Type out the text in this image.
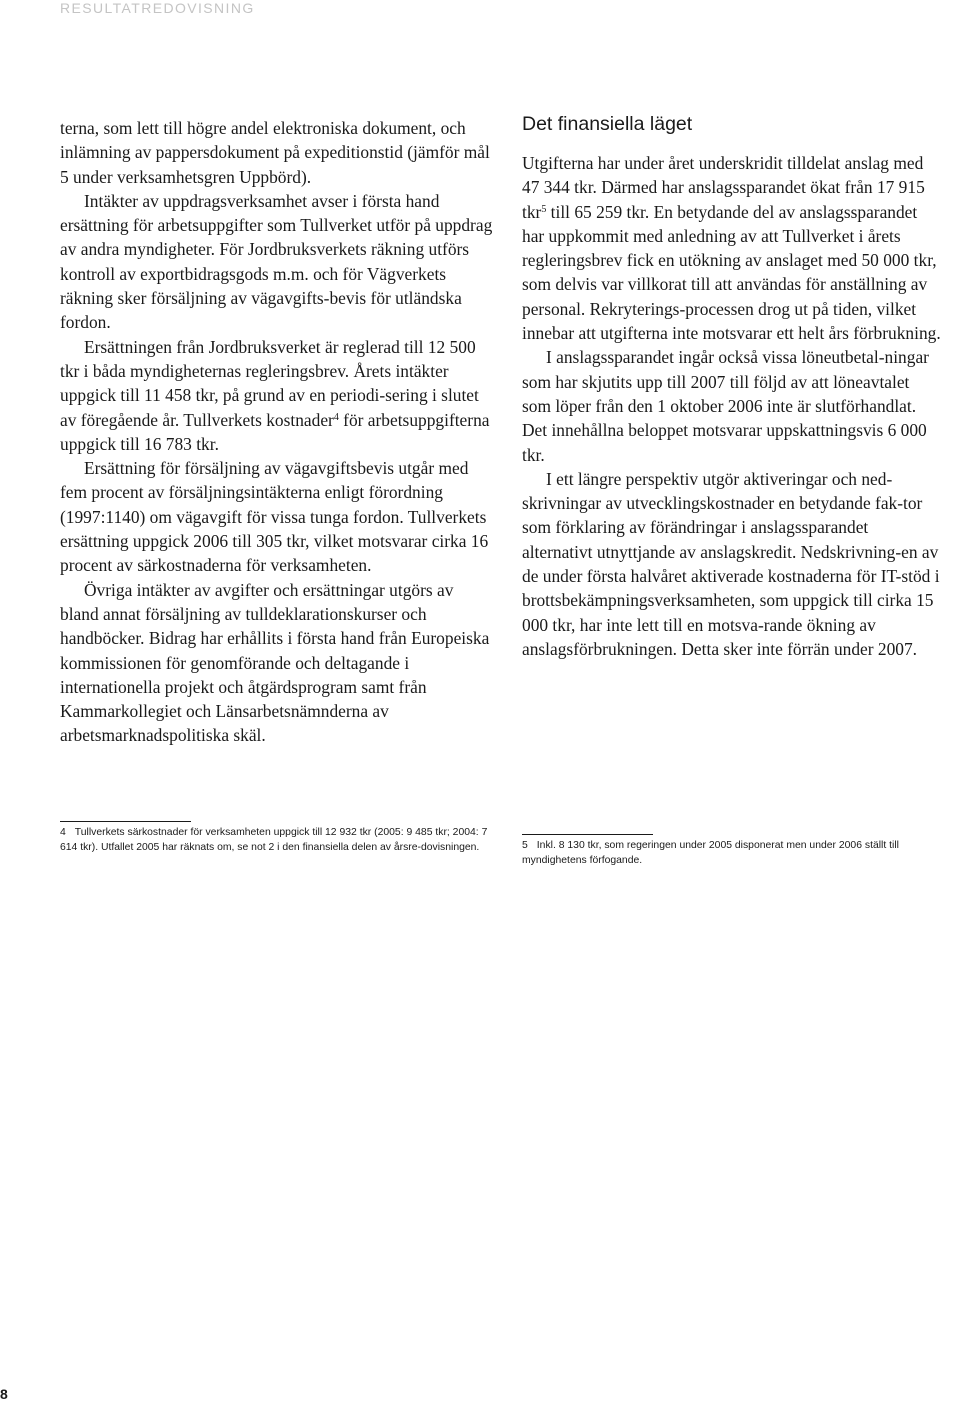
RESULTATREDOVISNING

terna, som lett till högre andel elektroniska dokument, och inlämning av pappersdokument på expeditionstid (jämför mål 5 under verksamhetsgren Uppbörd).

Intäkter av uppdragsverksamhet avser i första hand ersättning för arbetsuppgifter som Tullverket utför på uppdrag av andra myndigheter. För Jordbruksverkets räkning utförs kontroll av exportbidragsgods m.m. och för Vägverkets räkning sker försäljning av vägavgifts-bevis för utländska fordon.

Ersättningen från Jordbruksverket är reglerad till 12 500 tkr i båda myndigheternas regleringsbrev. Årets intäkter uppgick till 11 458 tkr, på grund av en periodi-sering i slutet av föregående år. Tullverkets kostnader$^4$ för arbetsuppgifterna uppgick till 16 783 tkr.

Ersättning för försäljning av vägavgiftsbevis utgår med fem procent av försäljningsintäkterna enligt förordning (1997:1140) om vägavgift för vissa tunga fordon. Tullverkets ersättning uppgick 2006 till 305 tkr, vilket motsvarar cirka 16 procent av särkostnaderna för verksamheten.

Övriga intäkter av avgifter och ersättningar utgörs av bland annat försäljning av tulldeklarationskurser och handböcker. Bidrag har erhållits i första hand från Europeiska kommissionen för genomförande och deltagande i internationella projekt och åtgärdsprogram samt från Kammarkollegiet och Länsarbetsnämnderna av arbetsmarknadspolitiska skäl.

Det finansiella läget

Utgifterna har under året underskridit tilldelat anslag med 47 344 tkr. Därmed har anslagssparandet ökat från 17 915 tkr$^5$ till 65 259 tkr. En betydande del av anslagssparandet har uppkommit med anledning av att Tullverket i årets regleringsbrev fick en utökning av anslaget med 50 000 tkr, som delvis var villkorat till att användas för anställning av personal. Rekryterings-processen drog ut på tiden, vilket innebar att utgifterna inte motsvarar ett helt års förbrukning.

I anslagssparandet ingår också vissa löneutbetal-ningar som har skjutits upp till 2007 till följd av att löneavtalet som löper från den 1 oktober 2006 inte är slutförhandlat. Det innehållna beloppet motsvarar uppskattningsvis 6 000 tkr.

I ett längre perspektiv utgör aktiveringar och ned-skrivningar av utvecklingskostnader en betydande fak-tor som förklaring av förändringar i anslagssparandet alternativt utnyttjande av anslagskredit. Nedskrivning-en av de under första halvåret aktiverade kostnaderna för IT-stöd i brottsbekämpningsverksamheten, som uppgick till cirka 15 000 tkr, har inte lett till en motsva-rande ökning av anslagsförbrukningen. Detta sker inte förrän under 2007.

4 Tullverkets särkostnader för verksamheten uppgick till 12 932 tkr (2005: 9 485 tkr; 2004: 7 614 tkr). Utfallet 2005 har räknats om, se not 2 i den finansiella delen av årsre-dovisningen.	5 Inkl. 8 130 tkr, som regeringen under 2005 disponerat men under 2006 ställt till myndighetens förfogande.

8
